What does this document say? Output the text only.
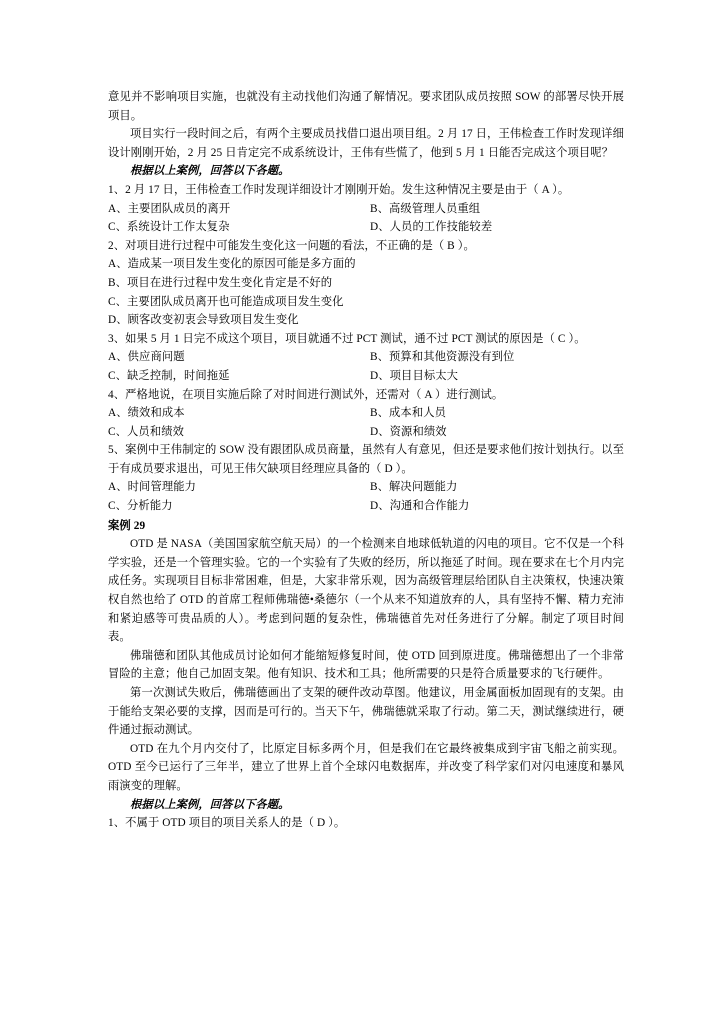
意见并不影响项目实施，也就没有主动找他们沟通了解情况。要求团队成员按照 SOW 的部署尽快开展项目。

项目实行一段时间之后，有两个主要成员找借口退出项目组。2 月 17 日，王伟检查工作时发现详细设计刚刚开始，2 月 25 日肯定完不成系统设计，王伟有些慌了，他到 5 月 1 日能否完成这个项目呢？

根据以上案例，回答以下各题。

1、2 月 17 日，王伟检查工作时发现详细设计才刚刚开始。发生这种情况主要是由于（ A ）。

A、主要团队成员的离开	B、高级管理人员重组
C、系统设计工作太复杂	D、人员的工作技能较差

2、对项目进行过程中可能发生变化这一问题的看法，不正确的是（ B ）。

A、造成某一项目发生变化的原因可能是多方面的

B、项目在进行过程中发生变化肯定是不好的

C、主要团队成员离开也可能造成项目发生变化

D、顾客改变初衷会导致项目发生变化

3、如果 5 月 1 日完不成这个项目，项目就通不过 PCT 测试，通不过 PCT 测试的原因是（ C ）。

A、供应商问题	B、预算和其他资源没有到位
C、缺乏控制，时间拖延	D、项目目标太大

4、严格地说，在项目实施后除了对时间进行测试外，还需对（ A ）进行测试。

A、绩效和成本	B、成本和人员
C、人员和绩效	D、资源和绩效

5、案例中王伟制定的 SOW 没有跟团队成员商量，虽然有人有意见，但还是要求他们按计划执行。以至于有成员要求退出，可见王伟欠缺项目经理应具备的（ D ）。

A、时间管理能力	B、解决问题能力
C、分析能力	D、沟通和合作能力

案例 29

OTD 是 NASA（美国国家航空航天局）的一个检测来自地球低轨道的闪电的项目。它不仅是一个科学实验，还是一个管理实验。它的一个实验有了失败的经历，所以拖延了时间。现在要求在七个月内完成任务。实现项目目标非常困难，但是，大家非常乐观，因为高级管理层给团队自主决策权，快速决策权自然也给了 OTD 的首席工程师佛瑞德•桑德尔（一个从来不知道放弃的人，具有坚持不懈、精力充沛和紧迫感等可贵品质的人）。考虑到问题的复杂性，佛瑞德首先对任务进行了分解。制定了项目时间表。

佛瑞德和团队其他成员讨论如何才能缩短修复时间，使 OTD 回到原进度。佛瑞德想出了一个非常冒险的主意；他自己加固支架。他有知识、技术和工具；他所需要的只是符合质量要求的飞行硬件。

第一次测试失败后，佛瑞德画出了支架的硬件改动草图。他建议，用金属面板加固现有的支架。由于能给支架必要的支撑，因而是可行的。当天下午，佛瑞德就采取了行动。第二天，测试继续进行，硬件通过振动测试。

OTD 在九个月内交付了，比原定目标多两个月，但是我们在它最终被集成到宇宙飞船之前实现。OTD 至今已运行了三年半，建立了世界上首个全球闪电数据库，并改变了科学家们对闪电速度和暴风雨演变的理解。

根据以上案例，回答以下各题。

1、不属于 OTD 项目的项目关系人的是（ D ）。
